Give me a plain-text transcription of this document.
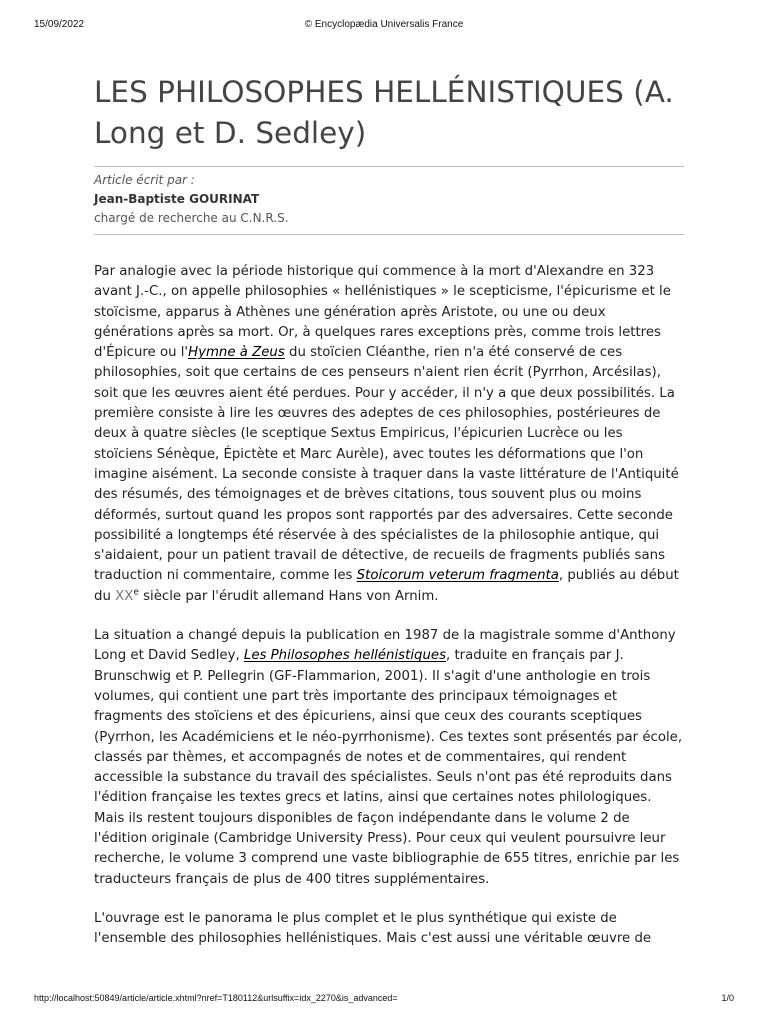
15/09/2022	© Encyclopædia Universalis France
LES PHILOSOPHES HELLÉNISTIQUES (A. Long et D. Sedley)
Article écrit par :
Jean-Baptiste GOURINAT
chargé de recherche au C.N.R.S.

Par analogie avec la période historique qui commence à la mort d'Alexandre en 323 avant J.-C., on appelle philosophies « hellénistiques » le scepticisme, l'épicurisme et le stoïcisme, apparus à Athènes une génération après Aristote, ou une ou deux générations après sa mort. Or, à quelques rares exceptions près, comme trois lettres d'Épicure ou l'Hymne à Zeus du stoïcien Cléanthe, rien n'a été conservé de ces philosophies, soit que certains de ces penseurs n'aient rien écrit (Pyrrhon, Arcésilas), soit que les œuvres aient été perdues. Pour y accéder, il n'y a que deux possibilités. La première consiste à lire les œuvres des adeptes de ces philosophies, postérieures de deux à quatre siècles (le sceptique Sextus Empiricus, l'épicurien Lucrèce ou les stoïciens Sénèque, Épictète et Marc Aurèle), avec toutes les déformations que l'on imagine aisément. La seconde consiste à traquer dans la vaste littérature de l'Antiquité des résumés, des témoignages et de brèves citations, tous souvent plus ou moins déformés, surtout quand les propos sont rapportés par des adversaires. Cette seconde possibilité a longtemps été réservée à des spécialistes de la philosophie antique, qui s'aidaient, pour un patient travail de détective, de recueils de fragments publiés sans traduction ni commentaire, comme les Stoicorum veterum fragmenta, publiés au début du XXe siècle par l'érudit allemand Hans von Arnim.

La situation a changé depuis la publication en 1987 de la magistrale somme d'Anthony Long et David Sedley, Les Philosophes hellénistiques, traduite en français par J. Brunschwig et P. Pellegrin (GF-Flammarion, 2001). Il s'agit d'une anthologie en trois volumes, qui contient une part très importante des principaux témoignages et fragments des stoïciens et des épicuriens, ainsi que ceux des courants sceptiques (Pyrrhon, les Académiciens et le néo-pyrrhonisme). Ces textes sont présentés par école, classés par thèmes, et accompagnés de notes et de commentaires, qui rendent accessible la substance du travail des spécialistes. Seuls n'ont pas été reproduits dans l'édition française les textes grecs et latins, ainsi que certaines notes philologiques. Mais ils restent toujours disponibles de façon indépendante dans le volume 2 de l'édition originale (Cambridge University Press). Pour ceux qui veulent poursuivre leur recherche, le volume 3 comprend une vaste bibliographie de 655 titres, enrichie par les traducteurs français de plus de 400 titres supplémentaires.

L'ouvrage est le panorama le plus complet et le plus synthétique qui existe de l'ensemble des philosophies hellénistiques. Mais c'est aussi une véritable œuvre de

http://localhost:50849/article/article.xhtml?nref=T180112&urlsuffix=idx_2270&is_advanced=	1/0
